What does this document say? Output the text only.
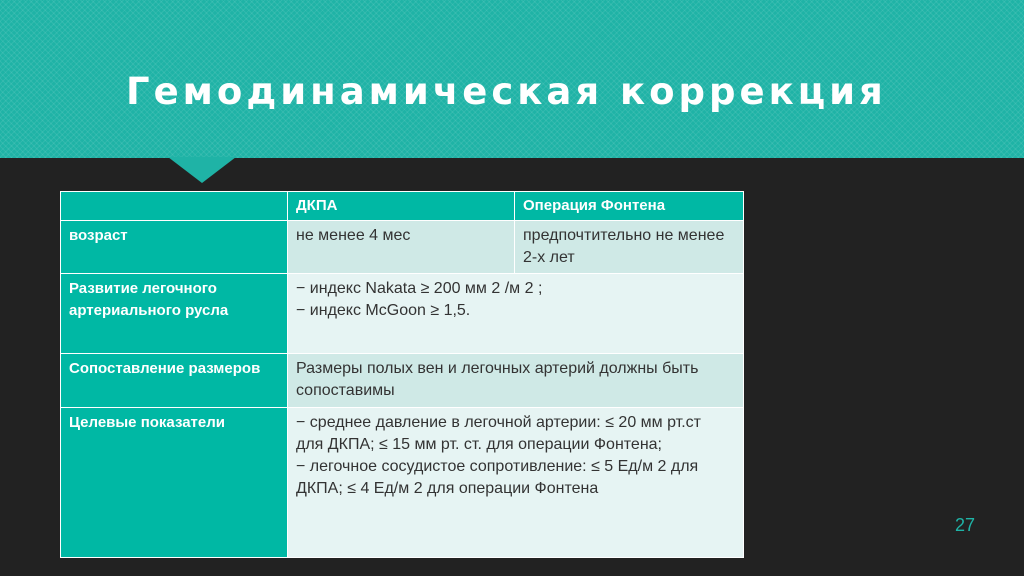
Гемодинамическая коррекция
	ДКПА	Операция Фонтена
возраст	не менее 4 мес	предпочтительно не менее 2-х лет
Развитие легочного артериального русла	− индекс Nakata ≥ 200 мм 2 /м 2 ;
− индекс McGoon ≥ 1,5.	
Сопоставление размеров	Размеры полых вен и легочных артерий должны быть сопоставимы	
Целевые показатели	− среднее давление в легочной артерии: ≤ 20 мм рт.ст для ДКПА; ≤ 15 мм рт. ст. для операции Фонтена;
− легочное сосудистое сопротивление: ≤ 5 Ед/м 2 для ДКПА; ≤ 4 Ед/м 2 для операции Фонтена	
27
